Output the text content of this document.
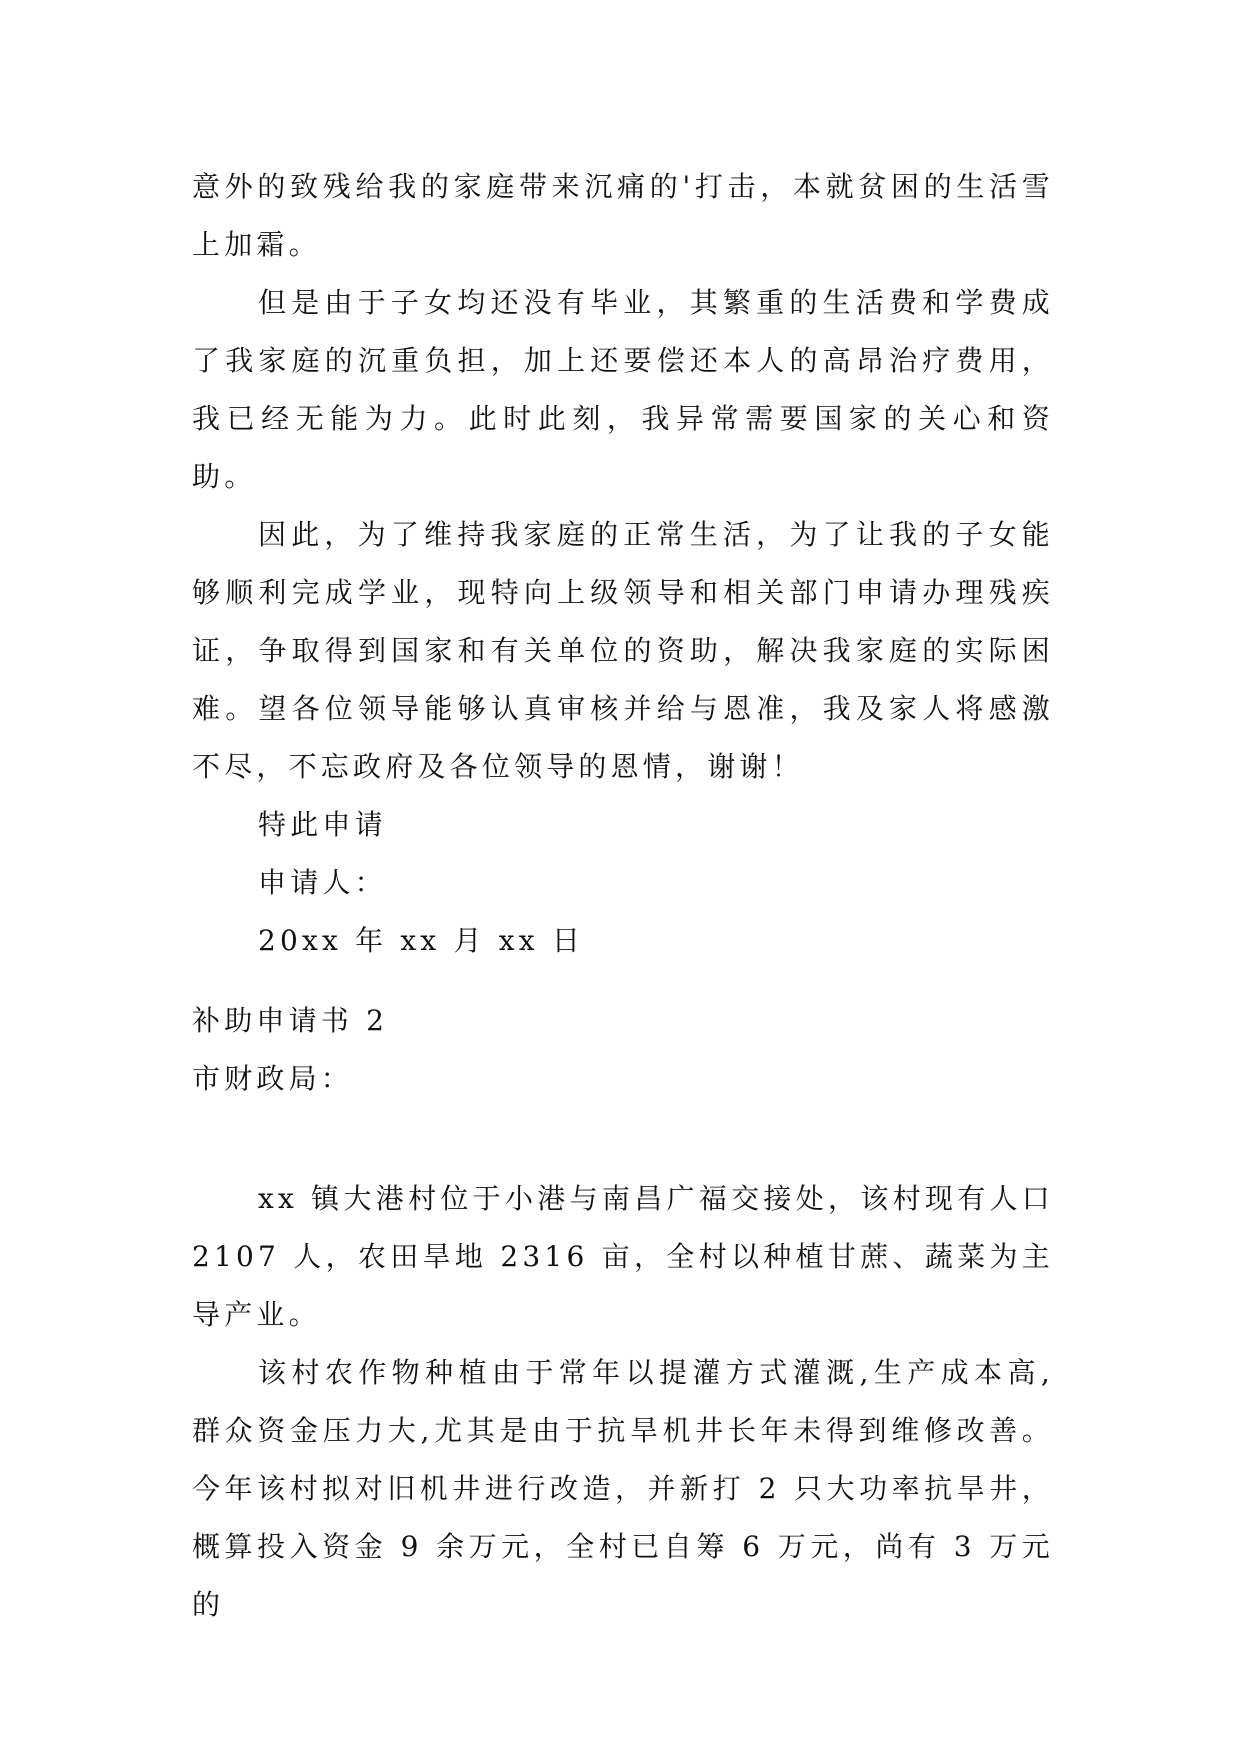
意外的致残给我的家庭带来沉痛的'打击，本就贫困的生活雪上加霜。

但是由于子女均还没有毕业，其繁重的生活费和学费成了我家庭的沉重负担，加上还要偿还本人的高昂治疗费用，我已经无能为力。此时此刻，我异常需要国家的关心和资助。

因此，为了维持我家庭的正常生活，为了让我的子女能够顺利完成学业，现特向上级领导和相关部门申请办理残疾证，争取得到国家和有关单位的资助，解决我家庭的实际困难。望各位领导能够认真审核并给与恩准，我及家人将感激不尽，不忘政府及各位领导的恩情，谢谢！

特此申请

申请人：

20xx 年 xx 月 xx 日

补助申请书 2

市财政局：

xx 镇大港村位于小港与南昌广福交接处，该村现有人口2107 人，农田旱地 2316 亩，全村以种植甘蔗、蔬菜为主导产业。

该村农作物种植由于常年以提灌方式灌溉,生产成本高,群众资金压力大,尤其是由于抗旱机井长年未得到维修改善。今年该村拟对旧机井进行改造，并新打 2 只大功率抗旱井，概算投入资金 9 余万元，全村已自筹 6 万元，尚有 3 万元的
